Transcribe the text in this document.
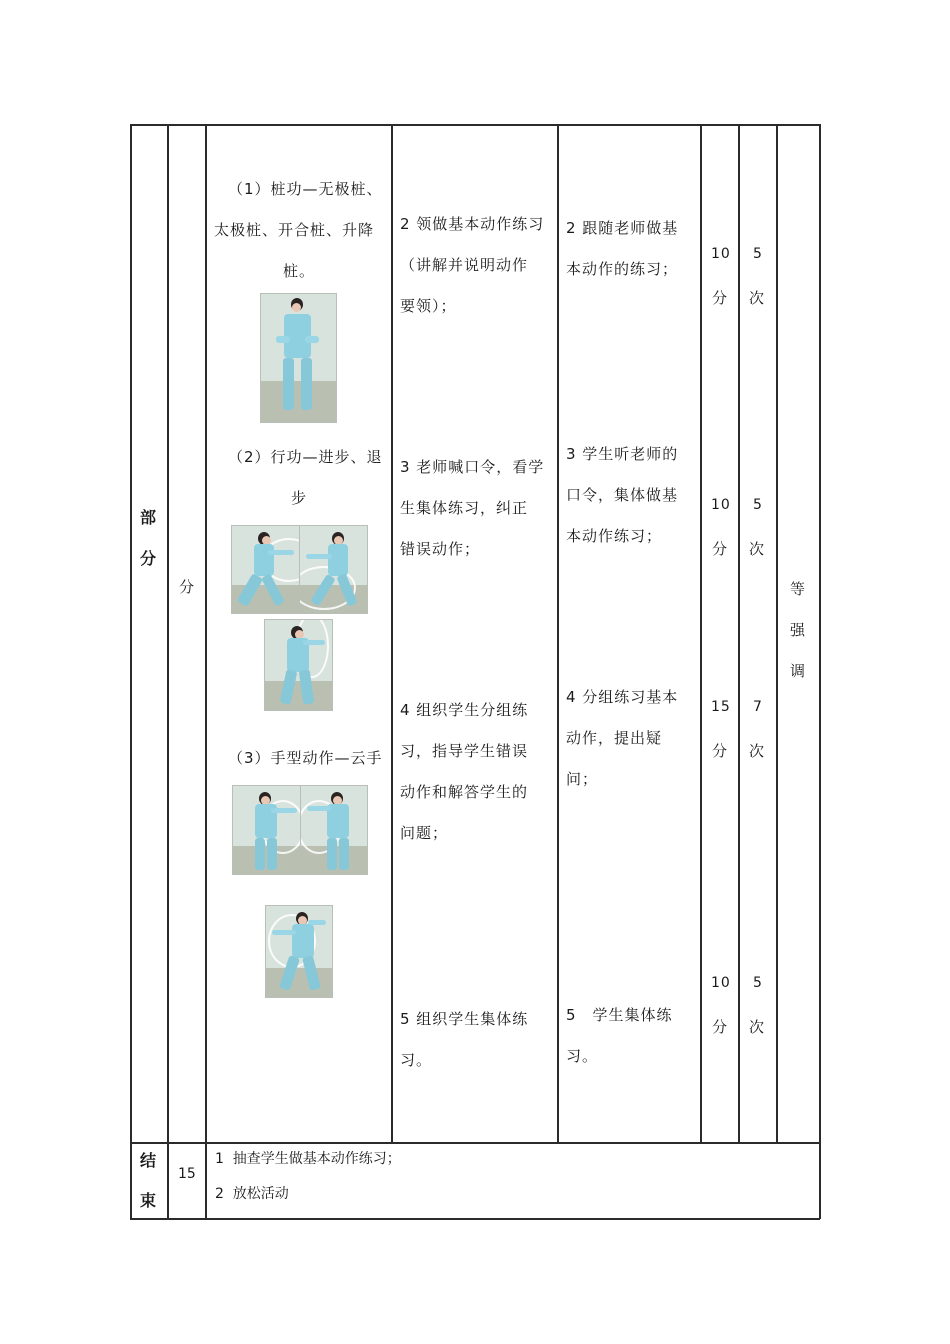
部
分
分
（1）桩功—无极桩、
太极桩、开合桩、升降
桩。
（2）行功—进步、退
步
（3）手型动作—云手
2 领做基本动作练习
（讲解并说明动作
要领）；
3 老师喊口令，看学
生集体练习，纠正
错误动作；
4 组织学生分组练
习，指导学生错误
动作和解答学生的
问题；
5 组织学生集体练
习。
2 跟随老师做基
本动作的练习；
3 学生听老师的
口令，集体做基
本动作练习；
4 分组练习基本
动作，提出疑
问；
5　学生集体练
习。
10
分
10
分
15
分
10
分
5
次
5
次
7
次
5
次
等
强
调
结
束
15
1  抽查学生做基本动作练习；
2  放松活动
